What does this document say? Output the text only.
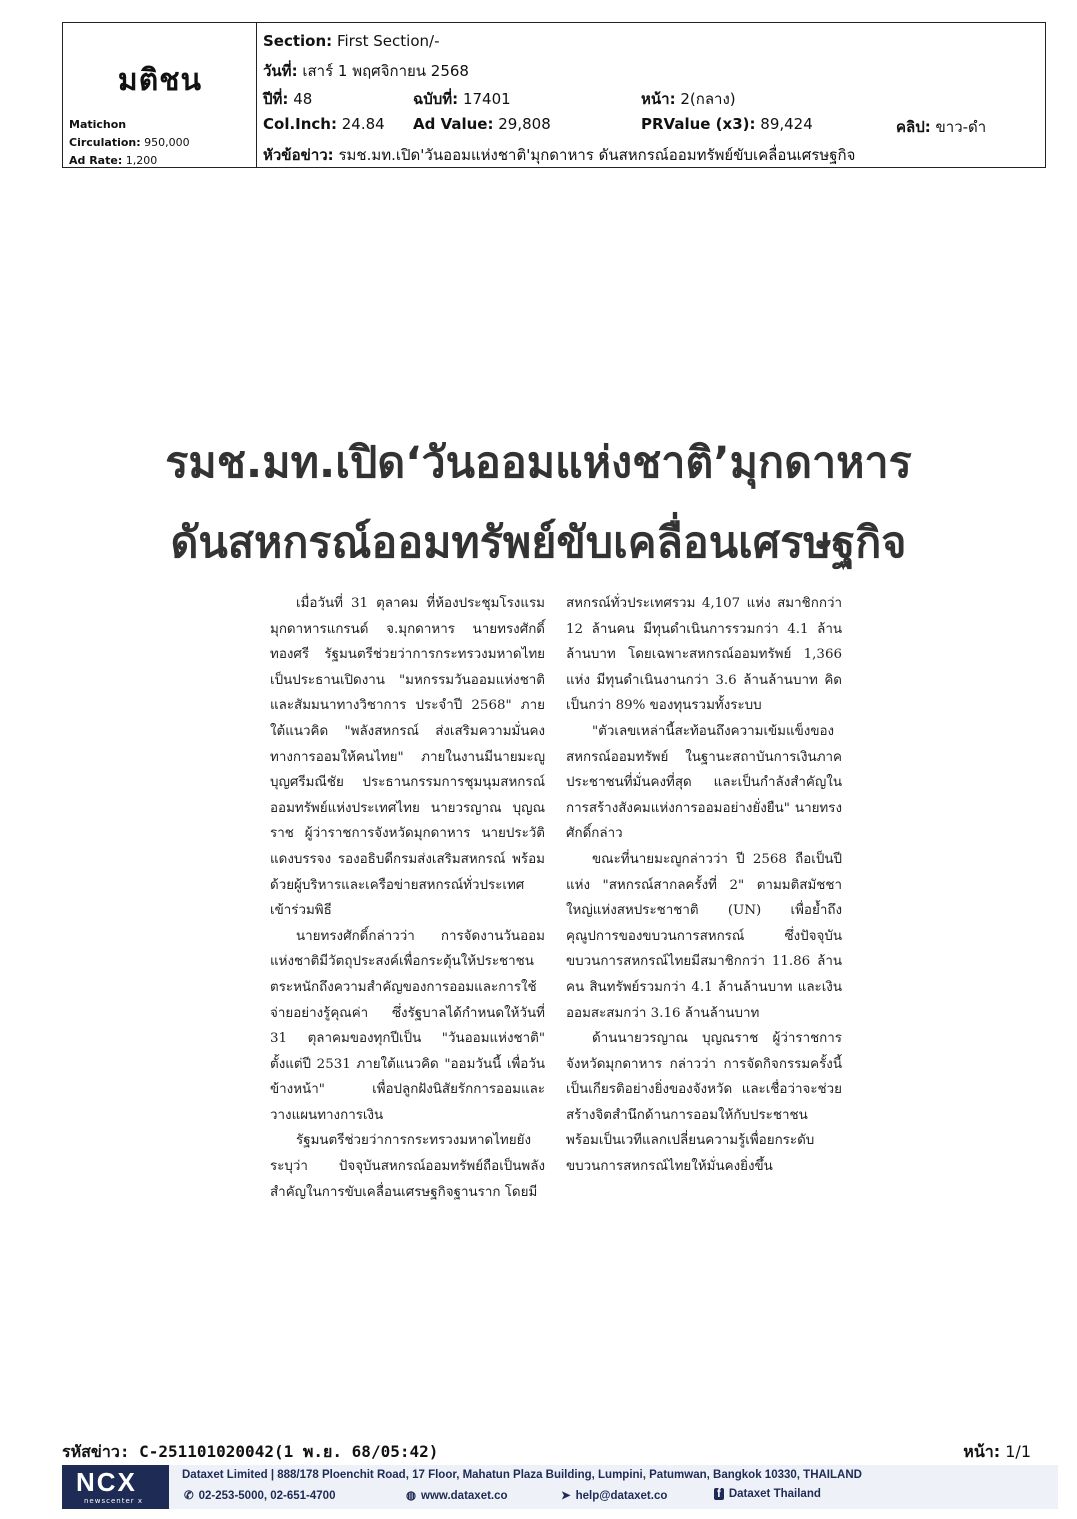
มติชน
Matichon
Circulation: 950,000
Ad Rate: 1,200
Section: First Section/-
วันที่: เสาร์ 1 พฤศจิกายน 2568
ปีที่: 48	ฉบับที่: 17401	หน้า: 2(กลาง)
Col.Inch: 24.84 Ad Value: 29,808	PRValue (x3): 89,424	คลิป: ขาว-ดำ
หัวข้อข่าว: รมช.มท.เปิด'วันออมแห่งชาติ'มุกดาหาร ดันสหกรณ์ออมทรัพย์ขับเคลื่อนเศรษฐกิจ
รมช.มท.เปิด‘วันออมแห่งชาติ’มุกดาหาร
ดันสหกรณ์ออมทรัพย์ขับเคลื่อนเศรษฐกิจ

เมื่อวันที่ 31 ตุลาคม ที่ห้องประชุมโรงแรมมุกดาหารแกรนด์ จ.มุกดาหาร นายทรงศักดิ์ ทองศรี รัฐมนตรีช่วยว่าการกระทรวงมหาดไทย เป็นประธานเปิดงาน "มหกรรมวันออมแห่งชาติ และสัมมนาทางวิชาการ ประจำปี 2568" ภายใต้แนวคิด "พลังสหกรณ์ ส่งเสริมความมั่นคงทางการออมให้คนไทย" ภายในงานมีนายมะญู บุญศรีมณีชัย ประธานกรรมการชุมนุมสหกรณ์ออมทรัพย์แห่งประเทศไทย นายวรญาณ บุญณราช ผู้ว่าราชการจังหวัดมุกดาหาร นายประวัติ แดงบรรจง รองอธิบดีกรมส่งเสริมสหกรณ์ พร้อมด้วยผู้บริหารและเครือข่ายสหกรณ์ทั่วประเทศเข้าร่วมพิธี

นายทรงศักดิ์กล่าวว่า การจัดงานวันออมแห่งชาติมีวัตถุประสงค์เพื่อกระตุ้นให้ประชาชนตระหนักถึงความสำคัญของการออมและการใช้จ่ายอย่างรู้คุณค่า ซึ่งรัฐบาลได้กำหนดให้วันที่ 31 ตุลาคมของทุกปีเป็น "วันออมแห่งชาติ" ตั้งแต่ปี 2531 ภายใต้แนวคิด "ออมวันนี้ เพื่อวันข้างหน้า" เพื่อปลูกฝังนิสัยรักการออมและวางแผนทางการเงิน

รัฐมนตรีช่วยว่าการกระทรวงมหาดไทยยังระบุว่า ปัจจุบันสหกรณ์ออมทรัพย์ถือเป็นพลังสำคัญในการขับเคลื่อนเศรษฐกิจฐานราก โดยมี

สหกรณ์ทั่วประเทศรวม 4,107 แห่ง สมาชิกกว่า 12 ล้านคน มีทุนดำเนินการรวมกว่า 4.1 ล้านล้านบาท โดยเฉพาะสหกรณ์ออมทรัพย์ 1,366 แห่ง มีทุนดำเนินงานกว่า 3.6 ล้านล้านบาท คิดเป็นกว่า 89% ของทุนรวมทั้งระบบ

"ตัวเลขเหล่านี้สะท้อนถึงความเข้มแข็งของสหกรณ์ออมทรัพย์ ในฐานะสถาบันการเงินภาคประชาชนที่มั่นคงที่สุด และเป็นกำลังสำคัญในการสร้างสังคมแห่งการออมอย่างยั่งยืน" นายทรงศักดิ์กล่าว

ขณะที่นายมะญูกล่าวว่า ปี 2568 ถือเป็นปีแห่ง "สหกรณ์สากลครั้งที่ 2" ตามมติสมัชชาใหญ่แห่งสหประชาชาติ (UN) เพื่อย้ำถึงคุณูปการของขบวนการสหกรณ์ ซึ่งปัจจุบันขบวนการสหกรณ์ไทยมีสมาชิกกว่า 11.86 ล้านคน สินทรัพย์รวมกว่า 4.1 ล้านล้านบาท และเงินออมสะสมกว่า 3.16 ล้านล้านบาท

ด้านนายวรญาณ บุญณราช ผู้ว่าราชการจังหวัดมุกดาหาร กล่าวว่า การจัดกิจกรรมครั้งนี้เป็นเกียรติอย่างยิ่งของจังหวัด และเชื่อว่าจะช่วยสร้างจิตสำนึกด้านการออมให้กับประชาชน พร้อมเป็นเวทีแลกเปลี่ยนความรู้เพื่อยกระดับขบวนการสหกรณ์ไทยให้มั่นคงยิ่งขึ้น

รหัสข่าว: C-251101020042(1 พ.ย. 68/05:42)	หน้า: 1/1
NCX
newscenter x
Dataxet Limited | 888/178 Ploenchit Road, 17 Floor, Mahatun Plaza Building, Lumpini, Patumwan, Bangkok 10330, THAILAND
✆ 02-253-5000, 02-651-4700	◍ www.dataxet.co	➤ help@dataxet.co	f Dataxet Thailand
